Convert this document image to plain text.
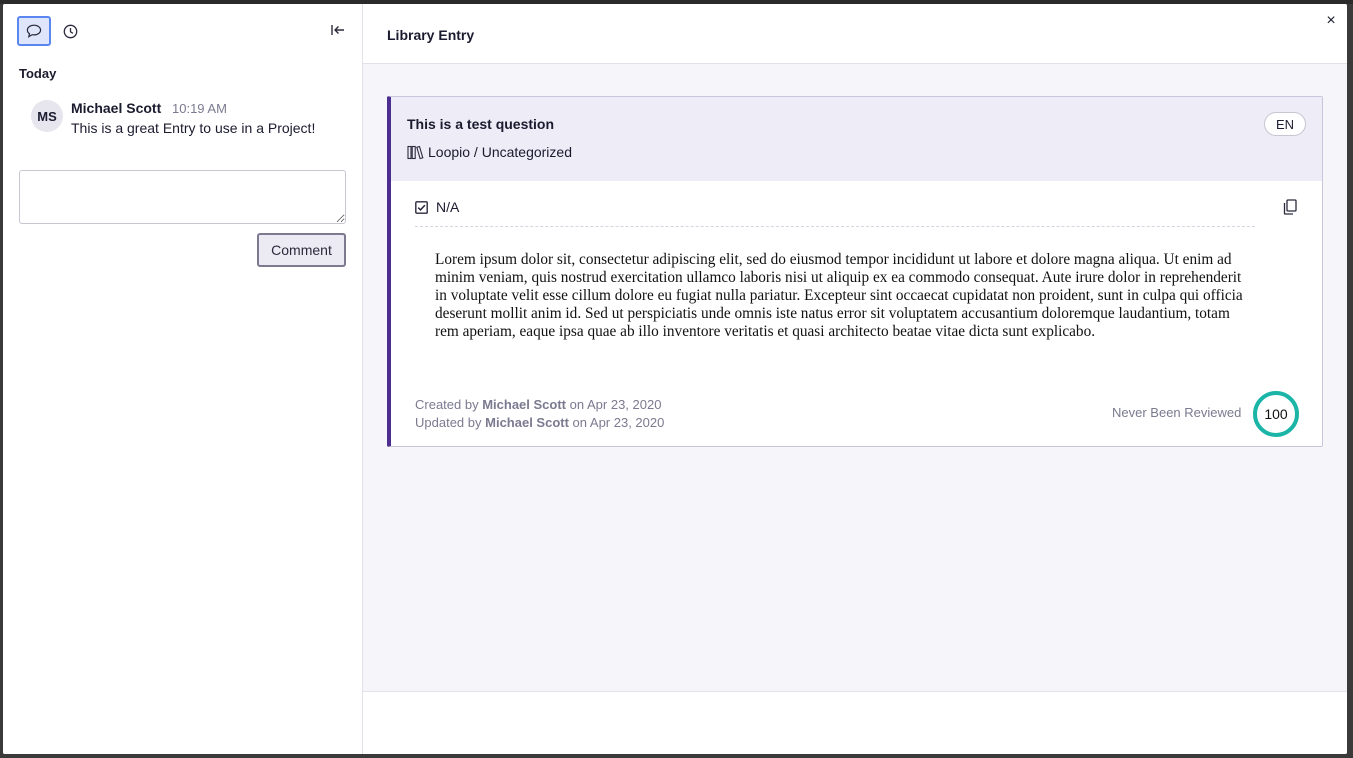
Today
MS	Michael Scott 10:19 AM
This is a great Entry to use in a Project!
Comment
Library Entry
×
This is a test question
Loopio / Uncategorized
EN
N/A
Lorem ipsum dolor sit, consectetur adipiscing elit, sed do eiusmod tempor incididunt ut labore et dolore magna aliqua. Ut enim ad minim veniam, quis nostrud exercitation ullamco laboris nisi ut aliquip ex ea commodo consequat. Aute irure dolor in reprehenderit in voluptate velit esse cillum dolore eu fugiat nulla pariatur. Excepteur sint occaecat cupidatat non proident, sunt in culpa qui officia deserunt mollit anim id. Sed ut perspiciatis unde omnis iste natus error sit voluptatem accusantium doloremque laudantium, totam rem aperiam, eaque ipsa quae ab illo inventore veritatis et quasi architecto beatae vitae dicta sunt explicabo.
Created by Michael Scott on Apr 23, 2020
Updated by Michael Scott on Apr 23, 2020
Never Been Reviewed	100
